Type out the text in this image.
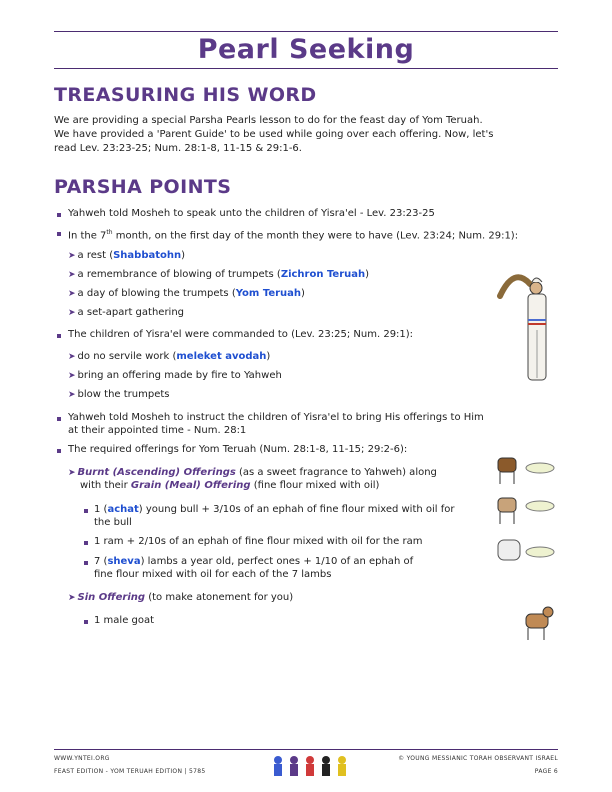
Pearl Seeking
TREASURING HIS WORD
We are providing a special Parsha Pearls lesson to do for the feast day of Yom Teruah.
We have provided a 'Parent Guide' to be used while going over each offering. Now, let's
read Lev. 23:23-25; Num. 28:1-8, 11-15 & 29:1-6.
PARSHA POINTS
Yahweh told Mosheh to speak unto the children of Yisra'el - Lev. 23:23-25
In the 7th month, on the first day of the month they were to have (Lev. 23:24; Num. 29:1):
➤ a rest (Shabbatohn)
➤ a remembrance of blowing of trumpets (Zichron Teruah)
➤ a day of blowing the trumpets (Yom Teruah)
➤ a set-apart gathering
The children of Yisra'el were commanded to (Lev. 23:25; Num. 29:1):
➤ do no servile work (meleket avodah)
➤ bring an offering made by fire to Yahweh
➤ blow the trumpets
Yahweh told Mosheh to instruct the children of Yisra'el to bring His offerings to Him
at their appointed time - Num. 28:1
The required offerings for Yom Teruah (Num. 28:1-8, 11-15; 29:2-6):
➤ Burnt (Ascending) Offerings (as a sweet fragrance to Yahweh) along
with their Grain (Meal) Offering (fine flour mixed with oil)
1 (achat) young bull + 3/10s of an ephah of fine flour mixed with oil for
the bull
1 ram + 2/10s of an ephah of fine flour mixed with oil for the ram
7 (sheva) lambs a year old, perfect ones + 1/10 of an ephah of
fine flour mixed with oil for each of the 7 lambs
➤ Sin Offering (to make atonement for you)
1 male goat
WWW.YNTEI.ORG
FEAST EDITION - YOM TERUAH EDITION | 5785
© YOUNG MESSIANIC TORAH OBSERVANT ISRAEL
PAGE 6
